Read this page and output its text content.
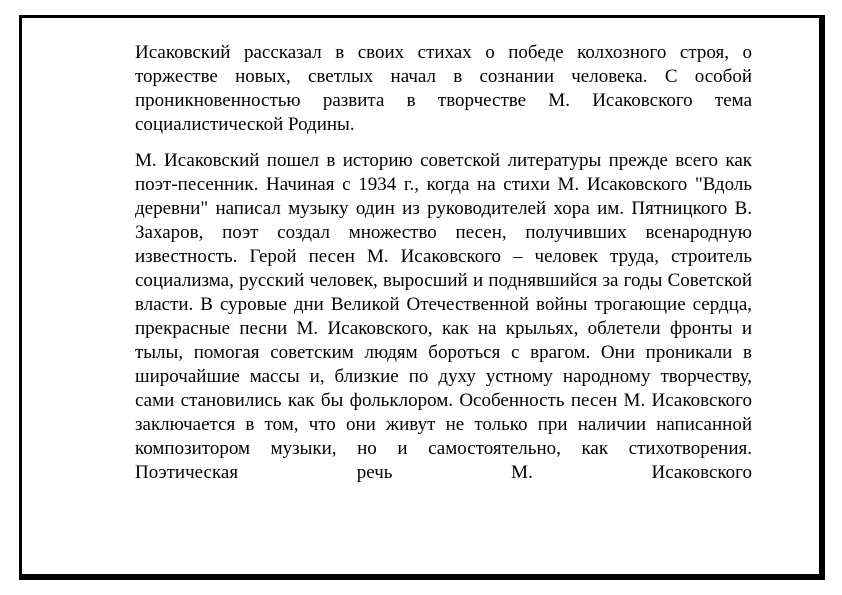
Исаковский рассказал в своих стихах о победе колхозного строя, о торжестве новых, светлых начал в сознании человека. С особой проникновенностью развита в творчестве М. Исаковского тема социалистической Родины.

М. Исаковский пошел в историю советской литературы прежде всего как поэт-песенник. Начиная с 1934 г., когда на стихи М. Исаковского "Вдоль деревни" написал музыку один из руководителей хора им. Пятницкого В. Захаров, поэт создал множество песен, получивших всенародную известность. Герой песен М. Исаковского – человек труда, строитель социализма, русский человек, выросший и поднявшийся за годы Советской власти. В суровые дни Великой Отечественной войны трогающие сердца, прекрасные песни М. Исаковского, как на крыльях, облетели фронты и тылы, помогая советским людям бороться с врагом. Они проникали в широчайшие массы и, близкие по духу устному народному творчеству, сами становились как бы фольклором. Особенность песен М. Исаковского заключается в том, что они живут не только при наличии написанной композитором музыки, но и самостоятельно, как стихотворения. Поэтическая речь М. Исаковского
